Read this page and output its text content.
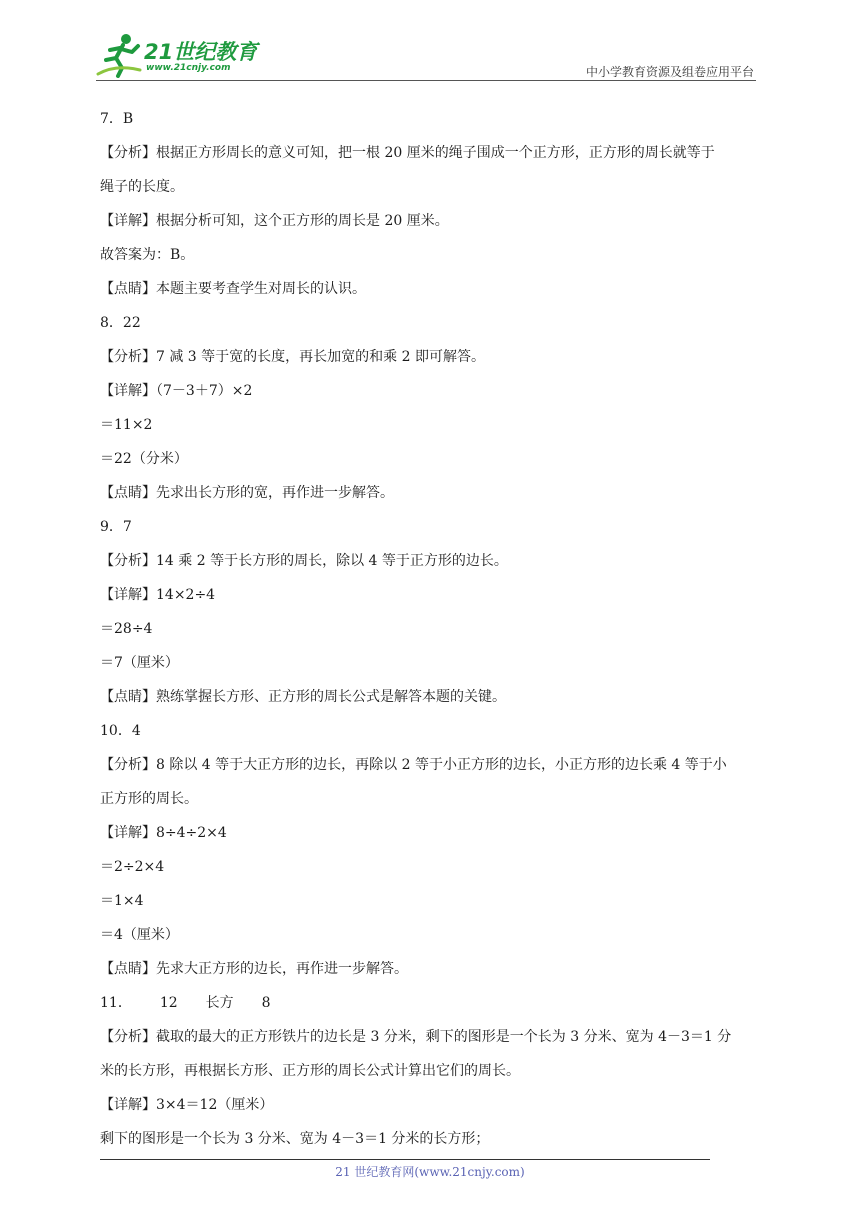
21世纪教育
www.21cnjy.com	中小学教育资源及组卷应用平台
7．B
【分析】根据正方形周长的意义可知，把一根 20 厘米的绳子围成一个正方形，正方形的周长就等于
绳子的长度。
【详解】根据分析可知，这个正方形的周长是 20 厘米。
故答案为：B。
【点睛】本题主要考查学生对周长的认识。
8．22
【分析】7 减 3 等于宽的长度，再长加宽的和乘 2 即可解答。
【详解】（7－3＋7）×2
＝11×2
＝22（分米）
【点睛】先求出长方形的宽，再作进一步解答。
9．7
【分析】14 乘 2 等于长方形的周长，除以 4 等于正方形的边长。
【详解】14×2÷4
＝28÷4
＝7（厘米）
【点睛】熟练掌握长方形、正方形的周长公式是解答本题的关键。
10．4
【分析】8 除以 4 等于大正方形的边长，再除以 2 等于小正方形的边长，小正方形的边长乘 4 等于小
正方形的周长。
【详解】8÷4÷2×4
＝2÷2×4
＝1×4
＝4（厘米）
【点睛】先求大正方形的边长，再作进一步解答。
11． 12 长方 8
【分析】截取的最大的正方形铁片的边长是 3 分米，剩下的图形是一个长为 3 分米、宽为 4－3＝1 分
米的长方形，再根据长方形、正方形的周长公式计算出它们的周长。
【详解】3×4＝12（厘米）
剩下的图形是一个长为 3 分米、宽为 4－3＝1 分米的长方形；
21 世纪教育网(www.21cnjy.com)
